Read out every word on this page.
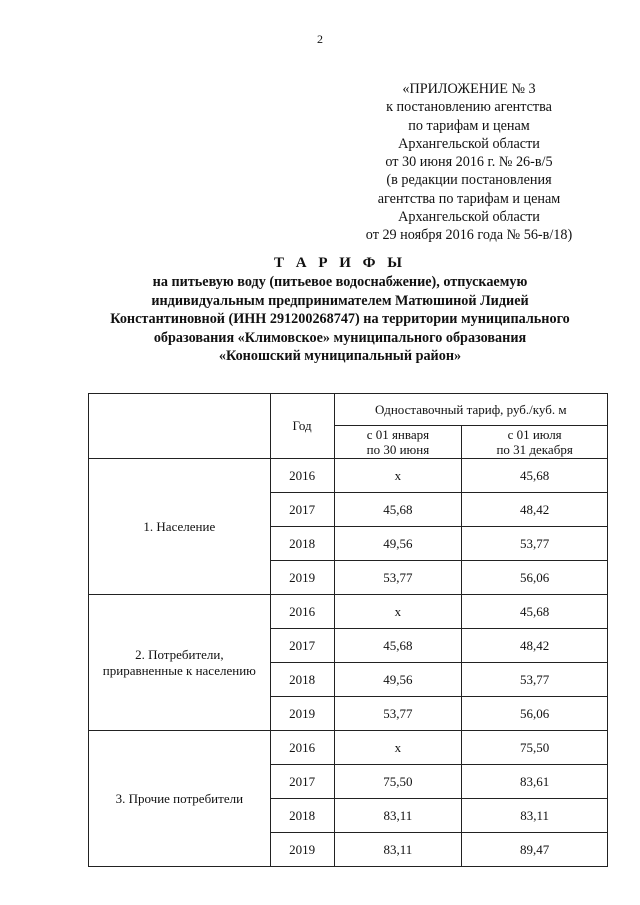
2
«ПРИЛОЖЕНИЕ № 3
к постановлению агентства
по тарифам и ценам
Архангельской области
от 30 июня 2016 г. № 26-в/5
(в редакции постановления
агентства по тарифам и ценам
Архангельской области
от 29 ноября 2016 года № 56-в/18)
Т А Р И Ф Ы
на питьевую воду (питьевое водоснабжение), отпускаемую
индивидуальным предпринимателем Матюшиной Лидией
Константиновной (ИНН 291200268747) на территории муниципального
образования «Климовское» муниципального образования
«Коношский муниципальный район»
	Год	Одноставочный тариф, руб./куб. м	
		с 01 января
по 30 июня	с 01 июля
по 31 декабря

1. Население	2016	х	45,68
	2017	45,68	48,42
	2018	49,56	53,77
	2019	53,77	56,06

2. Потребители,
приравненные к населению	2016	х	45,68
	2017	45,68	48,42
	2018	49,56	53,77
	2019	53,77	56,06

3. Прочие потребители	2016	х	75,50
	2017	75,50	83,61
	2018	83,11	83,11
	2019	83,11	89,47
